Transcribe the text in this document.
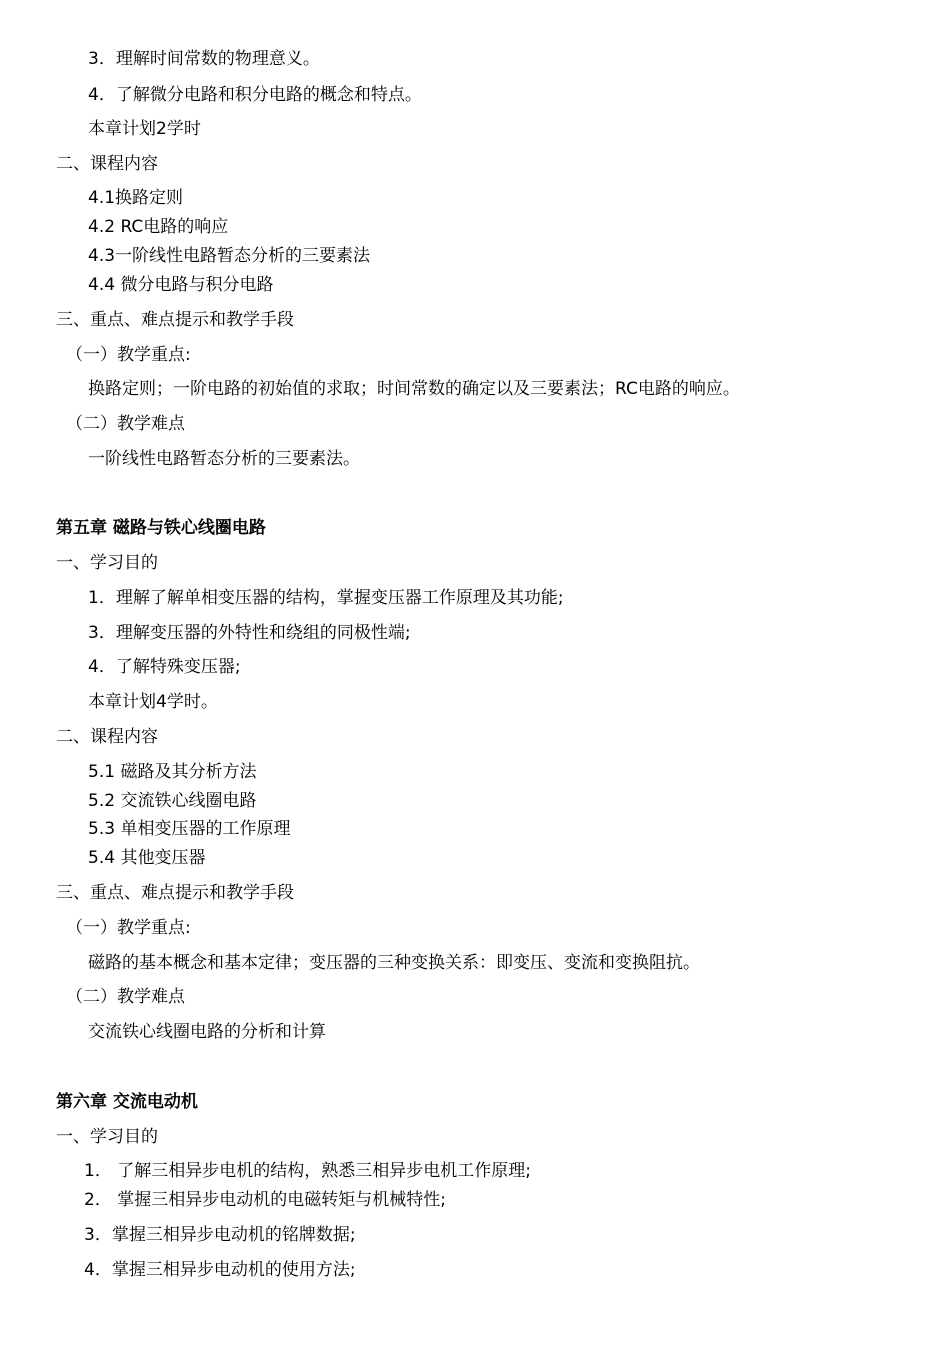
3．理解时间常数的物理意义。
4．了解微分电路和积分电路的概念和特点。
本章计划2学时
二、课程内容
4.1换路定则
4.2 RC电路的响应
4.3一阶线性电路暂态分析的三要素法
4.4 微分电路与积分电路
三、重点、难点提示和教学手段
（一）教学重点:
换路定则；一阶电路的初始值的求取；时间常数的确定以及三要素法；RC电路的响应。
（二）教学难点
一阶线性电路暂态分析的三要素法。
第五章 磁路与铁心线圈电路
一、学习目的
1．理解了解单相变压器的结构，掌握变压器工作原理及其功能;
3．理解变压器的外特性和绕组的同极性端;
4．了解特殊变压器;
本章计划4学时。
二、课程内容
5.1 磁路及其分析方法
5.2 交流铁心线圈电路
5.3 单相变压器的工作原理
5.4 其他变压器
三、重点、难点提示和教学手段
（一）教学重点:
磁路的基本概念和基本定律；变压器的三种变换关系：即变压、变流和变换阻抗。
（二）教学难点
交流铁心线圈电路的分析和计算
第六章 交流电动机
一、学习目的
1． 了解三相异步电机的结构，熟悉三相异步电机工作原理;
2． 掌握三相异步电动机的电磁转矩与机械特性;
3．掌握三相异步电动机的铭牌数据;
4．掌握三相异步电动机的使用方法;
